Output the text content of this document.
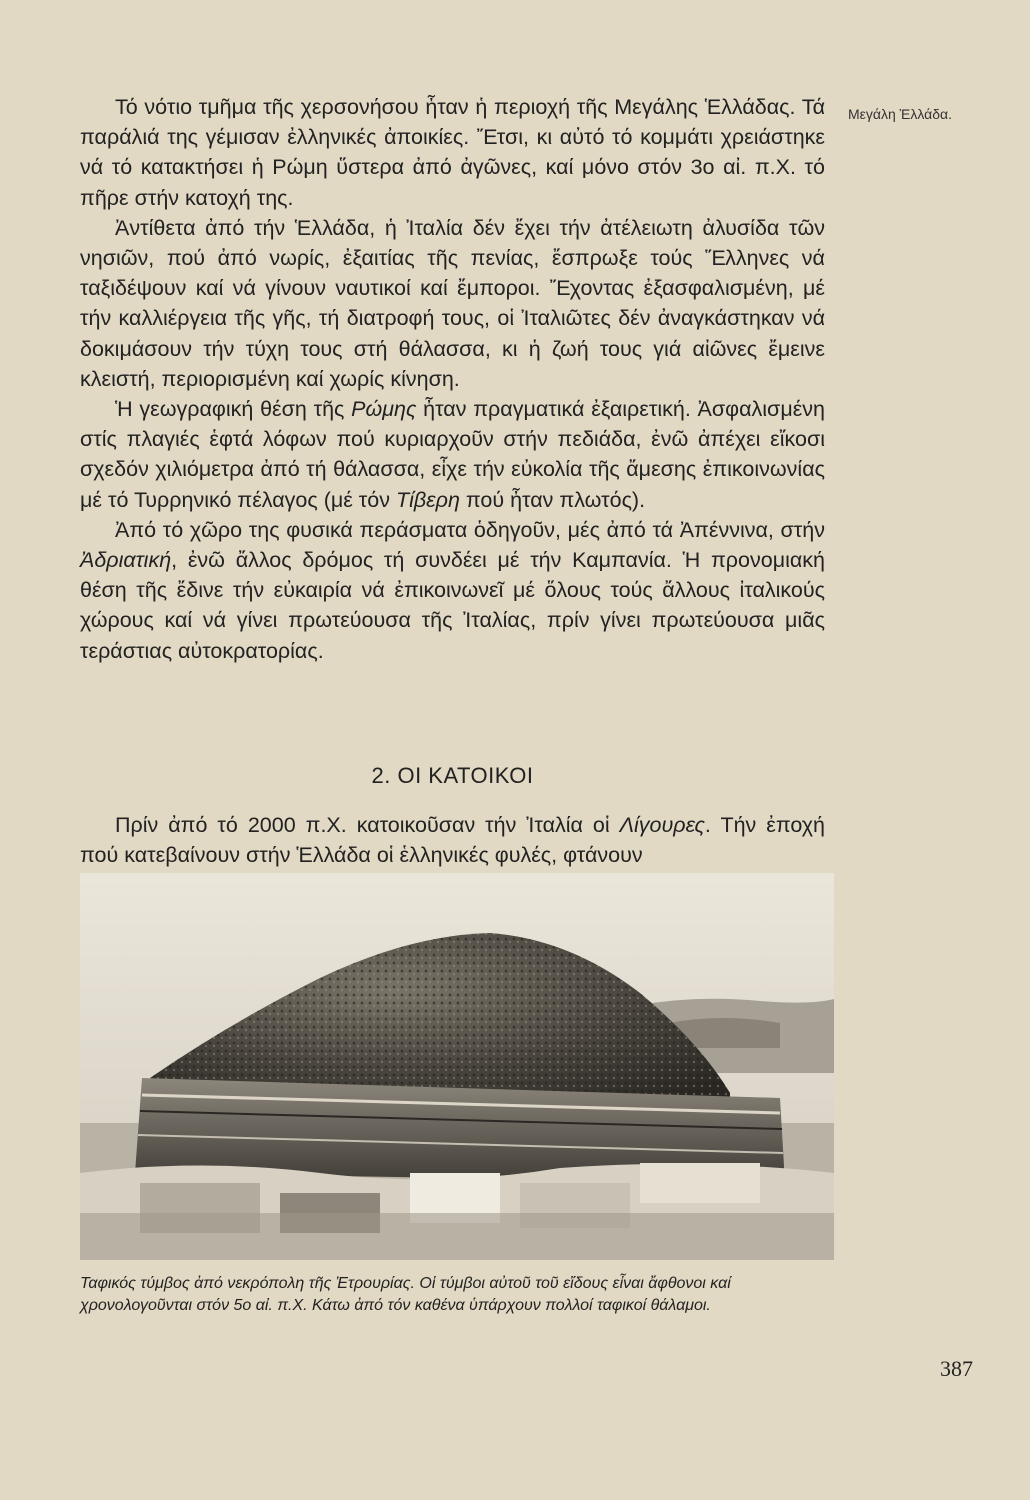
Μεγάλη Ἑλλάδα.

Τό νότιο τμῆμα τῆς χερσονήσου ἦταν ἡ περιοχή τῆς Μεγάλης Ἑλλάδας. Τά παράλιά της γέμισαν ἐλληνικές ἀποικίες. Ἔτσι, κι αὐτό τό κομμάτι χρειάστηκε νά τό κατακτήσει ἡ Ρώμη ὕστερα ἀπό ἀγῶνες, καί μόνο στόν 3ο αἰ. π.Χ. τό πῆρε στήν κατοχή της.

Ἀντίθετα ἀπό τήν Ἑλλάδα, ἡ Ἰταλία δέν ἔχει τήν ἀτέλειωτη ἀλυσίδα τῶν νησιῶν, πού ἀπό νωρίς, ἐξαιτίας τῆς πενίας, ἔσπρωξε τούς Ἕλληνες νά ταξιδέψουν καί νά γίνουν ναυτικοί καί ἔμποροι. Ἔχοντας ἐξασφαλισμένη, μέ τήν καλλιέργεια τῆς γῆς, τή διατροφή τους, οἱ Ἰταλιῶτες δέν ἀναγκάστηκαν νά δοκιμάσουν τήν τύχη τους στή θάλασσα, κι ἡ ζωή τους γιά αἰῶνες ἔμεινε κλειστή, περιορισμένη καί χωρίς κίνηση.

Ἡ γεωγραφική θέση τῆς Ρώμης ἦταν πραγματικά ἐξαιρετική. Ἀσφαλισμένη στίς πλαγιές ἑφτά λόφων πού κυριαρχοῦν στήν πεδιάδα, ἐνῶ ἀπέχει εἴκοσι σχεδόν χιλιόμετρα ἀπό τή θάλασσα, εἶχε τήν εὐκολία τῆς ἄμεσης ἐπικοινωνίας μέ τό Τυρρηνικό πέλαγος (μέ τόν Τίβερη πού ἦταν πλωτός).

Ἀπό τό χῶρο της φυσικά περάσματα ὁδηγοῦν, μές ἀπό τά Ἀπέννινα, στήν Ἀδριατική, ἐνῶ ἄλλος δρόμος τή συνδέει μέ τήν Καμπανία. Ἡ προνομιακή θέση τῆς ἔδινε τήν εὐκαιρία νά ἐπικοινωνεῖ μέ ὅλους τούς ἄλλους ἰταλικούς χώρους καί νά γίνει πρωτεύουσα τῆς Ἰταλίας, πρίν γίνει πρωτεύουσα μιᾶς τεράστιας αὐτοκρατορίας.

2. ΟΙ ΚΑΤΟΙΚΟΙ

Πρίν ἀπό τό 2000 π.Χ. κατοικοῦσαν τήν Ἰταλία οἱ Λίγουρες. Τήν ἐποχή πού κατεβαίνουν στήν Ἑλλάδα οἱ ἑλληνικές φυλές, φτάνουν

Ταφικός τύμβος ἀπό νεκρόπολη τῆς Ἐτρουρίας. Οἱ τύμβοι αὐτοῦ τοῦ εἴδους εἶναι ἄφθονοι καί χρονολογοῦνται στόν 5ο αἰ. π.Χ. Κάτω ἀπό τόν καθένα ὑπάρχουν πολλοί ταφικοί θάλαμοι.
387
